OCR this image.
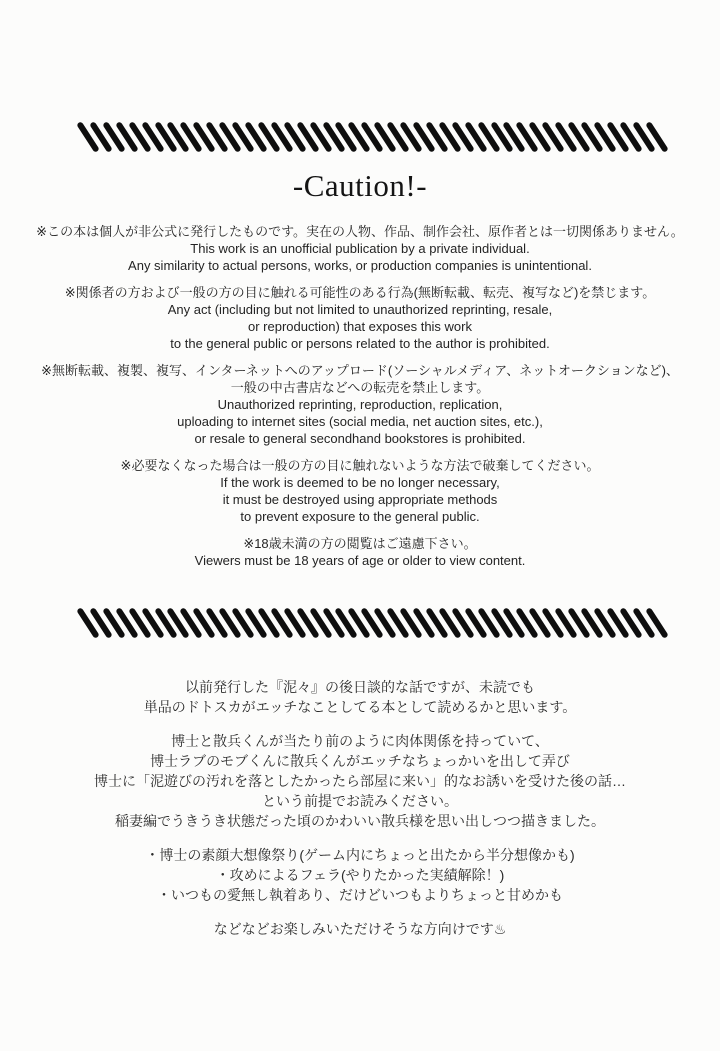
-Caution!-
※この本は個人が非公式に発行したものです。実在の人物、作品、制作会社、原作者とは一切関係ありません。
This work is an unofficial publication by a private individual.
Any similarity to actual persons, works, or production companies is unintentional.
※関係者の方および一般の方の目に触れる可能性のある行為(無断転載、転売、複写など)を禁じます。
Any act (including but not limited to unauthorized reprinting, resale,
or reproduction) that exposes this work
to the general public or persons related to the author is prohibited.
※無断転載、複製、複写、インターネットへのアップロード(ソーシャルメディア、ネットオークションなど)、
一般の中古書店などへの転売を禁止します。
Unauthorized reprinting, reproduction, replication,
uploading to internet sites (social media, net auction sites, etc.),
or resale to general secondhand bookstores is prohibited.
※必要なくなった場合は一般の方の目に触れないような方法で破棄してください。
If the work is deemed to be no longer necessary,
it must be destroyed using appropriate methods
to prevent exposure to the general public.
※18歳未満の方の閲覧はご遠慮下さい。
Viewers must be 18 years of age or older to view content.
以前発行した『泥々』の後日談的な話ですが、未読でも
単品のドトスカがエッチなことしてる本として読めるかと思います。
博士と散兵くんが当たり前のように肉体関係を持っていて、
博士ラブのモブくんに散兵くんがエッチなちょっかいを出して弄び
博士に「泥遊びの汚れを落としたかったら部屋に来い」的なお誘いを受けた後の話…
という前提でお読みください。
稲妻編でうきうき状態だった頃のかわいい散兵様を思い出しつつ描きました。
・博士の素顔大想像祭り(ゲーム内にちょっと出たから半分想像かも)
・攻めによるフェラ(やりたかった実績解除！)
・いつもの愛無し執着あり、だけどいつもよりちょっと甘めかも
などなどお楽しみいただけそうな方向けです♨
